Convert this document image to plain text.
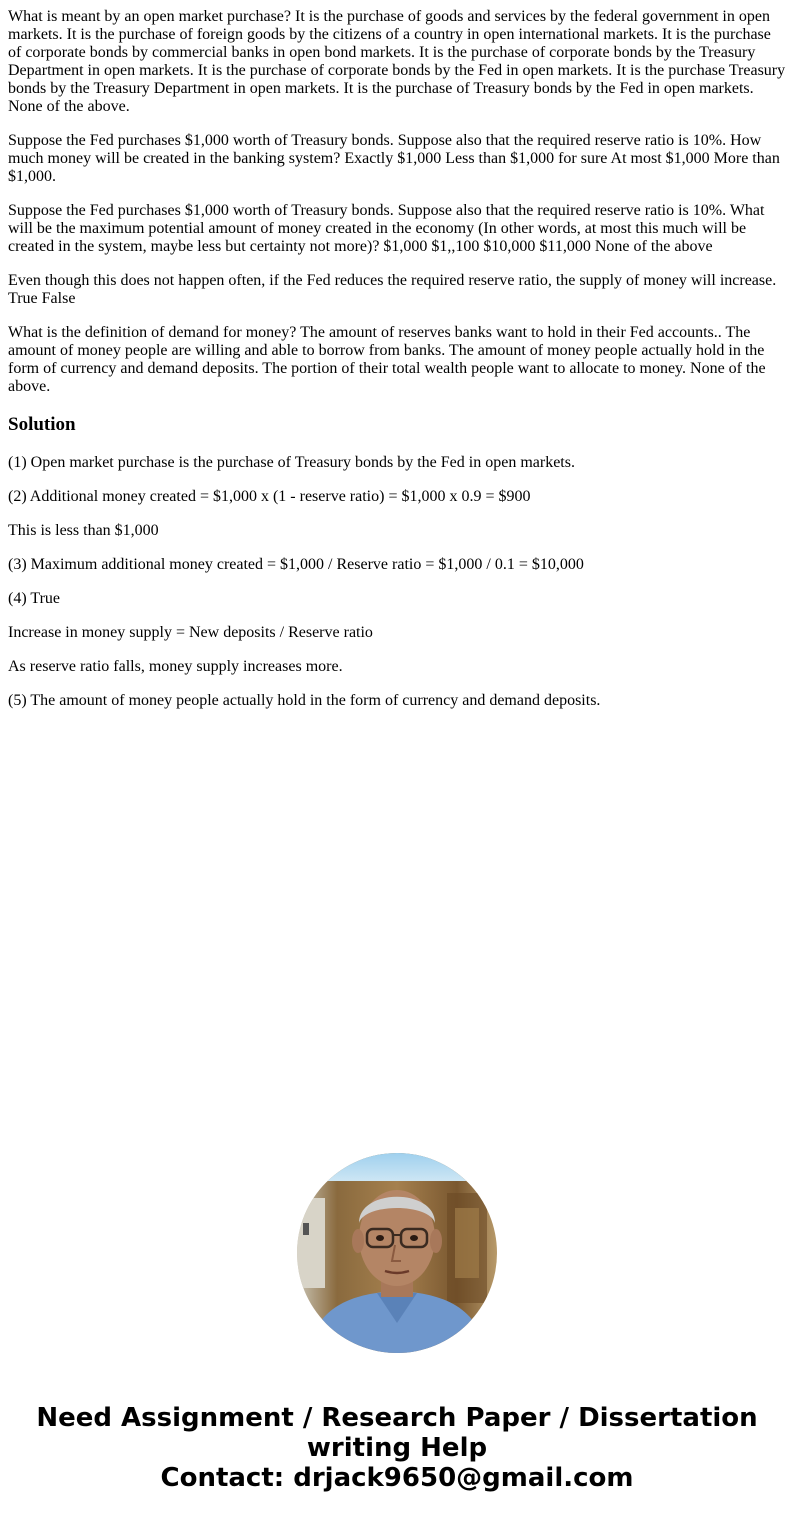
What is meant by an open market purchase? It is the purchase of goods and services by the federal government in open markets. It is the purchase of foreign goods by the citizens of a country in open international markets. It is the purchase of corporate bonds by commercial banks in open bond markets. It is the purchase of corporate bonds by the Treasury Department in open markets. It is the purchase of corporate bonds by the Fed in open markets. It is the purchase Treasury bonds by the Treasury Department in open markets. It is the purchase of Treasury bonds by the Fed in open markets. None of the above.

Suppose the Fed purchases $1,000 worth of Treasury bonds. Suppose also that the required reserve ratio is 10%. How much money will be created in the banking system? Exactly $1,000 Less than $1,000 for sure At most $1,000 More than $1,000.

Suppose the Fed purchases $1,000 worth of Treasury bonds. Suppose also that the required reserve ratio is 10%. What will be the maximum potential amount of money created in the economy (In other words, at most this much will be created in the system, maybe less but certainty not more)? $1,000 $1,,100 $10,000 $11,000 None of the above

Even though this does not happen often, if the Fed reduces the required reserve ratio, the supply of money will increase. True False

What is the definition of demand for money? The amount of reserves banks want to hold in their Fed accounts.. The amount of money people are willing and able to borrow from banks. The amount of money people actually hold in the form of currency and demand deposits. The portion of their total wealth people want to allocate to money. None of the above.

Solution

(1) Open market purchase is the purchase of Treasury bonds by the Fed in open markets.

(2) Additional money created = $1,000 x (1 - reserve ratio) = $1,000 x 0.9 = $900

This is less than $1,000

(3) Maximum additional money created = $1,000 / Reserve ratio = $1,000 / 0.1 = $10,000

(4) True

Increase in money supply = New deposits / Reserve ratio

As reserve ratio falls, money supply increases more.

(5) The amount of money people actually hold in the form of currency and demand deposits.

Need Assignment / Research Paper / Dissertation
writing Help
Contact: drjack9650@gmail.com
